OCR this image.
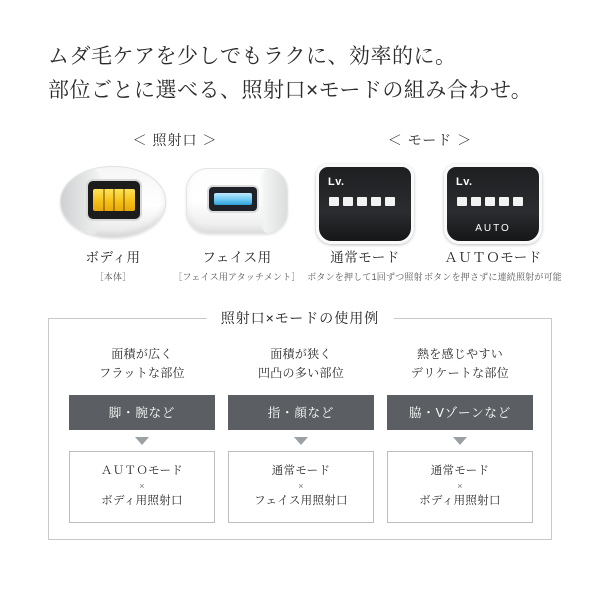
ムダ毛ケアを少しでもラクに、効率的に。
部位ごとに選べる、照射口×モードの組み合わせ。
＜ 照射口 ＞	＜ モード ＞
ボディ用
［本体］
フェイス用
［フェイス用アタッチメント］
Lv.
通常モード
ボタンを押して1回ずつ照射
Lv.
AUTO
ＡＵＴＯモード
ボタンを押さずに連続照射が可能
照射口×モードの使用例
面積が広く
フラットな部位
脚・腕など
ＡＵＴＯモード
×
ボディ用照射口
面積が狭く
凹凸の多い部位
指・顔など
通常モード
×
フェイス用照射口
熱を感じやすい
デリケートな部位
脇・Vゾーンなど
通常モード
×
ボディ用照射口
